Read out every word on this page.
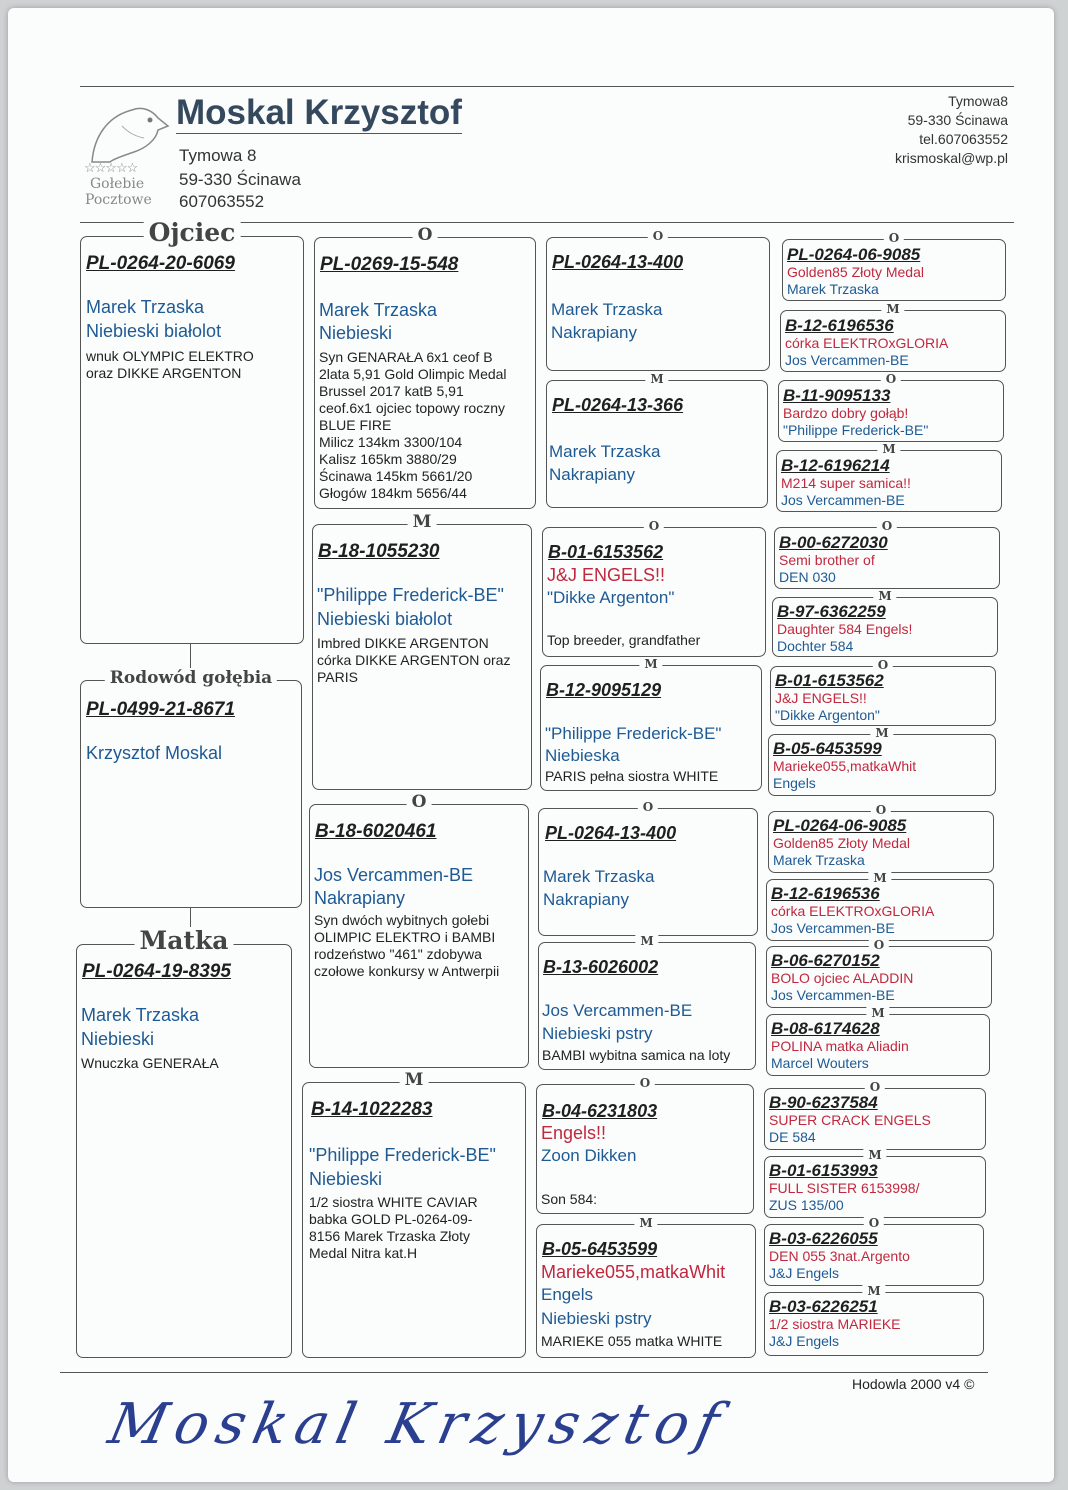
☆☆☆☆☆
Gołebie
Pocztowe
Moskal Krzysztof
Tymowa 8
59-330 Ścinawa
607063552
Tymowa8
59-330 Ścinawa
tel.607063552
krismoskal@wp.pl
Ojciec
PL-0264-20-6069
Marek Trzaska
Niebieski białolot
wnuk OLYMPIC ELEKTRO
oraz DIKKE ARGENTON
Rodowód gołębia
PL-0499-21-8671
Krzysztof Moskal
Matka
PL-0264-19-8395
Marek Trzaska
Niebieski
Wnuczka GENERAŁA
O
PL-0269-15-548
Marek Trzaska
Niebieski
Syn GENARAŁA 6x1 ceof B
2lata 5,91 Gold Olimpic Medal
Brussel 2017 katB 5,91
ceof.6x1 ojciec topowy roczny
BLUE FIRE
Milicz 134km 3300/104
Kalisz 165km 3880/29
Ścinawa 145km 5661/20
Głogów 184km 5656/44
M
B-18-1055230
"Philippe Frederick-BE"
Niebieski białolot
Imbred DIKKE ARGENTON
córka DIKKE ARGENTON oraz
PARIS
O
B-18-6020461
Jos Vercammen-BE
Nakrapiany
Syn dwóch wybitnych gołebi
OLIMPIC ELEKTRO i BAMBI
rodzeństwo "461" zdobywa
czołowe konkursy w Antwerpii
M
B-14-1022283
"Philippe Frederick-BE"
Niebieski
1/2 siostra WHITE CAVIAR
babka GOLD PL-0264-09-
8156 Marek Trzaska Złoty
Medal Nitra kat.H
O
PL-0264-13-400
Marek Trzaska
Nakrapiany
M
PL-0264-13-366
Marek Trzaska
Nakrapiany
O
B-01-6153562
J&J ENGELS!!
"Dikke Argenton"
Top breeder, grandfather
M
B-12-9095129
"Philippe Frederick-BE"
Niebieska
PARIS pełna siostra WHITE
O
PL-0264-13-400
Marek Trzaska
Nakrapiany
M
B-13-6026002
Jos Vercammen-BE
Niebieski pstry
BAMBI wybitna samica na loty
O
B-04-6231803
Engels!!
Zoon Dikken
Son 584:
M
B-05-6453599
Marieke055,matkaWhit
Engels
Niebieski pstry
MARIEKE 055 matka WHITE
O
PL-0264-06-9085
Golden85 Złoty Medal
Marek Trzaska
M
B-12-6196536
córka ELEKTROxGLORIA
Jos Vercammen-BE
O
B-11-9095133
Bardzo dobry gołąb!
"Philippe Frederick-BE"
M
B-12-6196214
M214 super samica!!
Jos Vercammen-BE
O
B-00-6272030
Semi brother of
DEN 030
M
B-97-6362259
Daughter 584 Engels!
Dochter 584
O
B-01-6153562
J&J ENGELS!!
"Dikke Argenton"
M
B-05-6453599
Marieke055,matkaWhit
Engels
O
PL-0264-06-9085
Golden85 Złoty Medal
Marek Trzaska
M
B-12-6196536
córka ELEKTROxGLORIA
Jos Vercammen-BE
O
B-06-6270152
BOLO ojciec ALADDIN
Jos Vercammen-BE
M
B-08-6174628
POLINA matka Aliadin
Marcel Wouters
O
B-90-6237584
SUPER CRACK ENGELS
DE 584
M
B-01-6153993
FULL SISTER 6153998/
ZUS 135/00
O
B-03-6226055
DEN 055 3nat.Argento
J&J Engels
M
B-03-6226251
1/2 siostra MARIEKE
J&J Engels
Hodowla 2000 v4 ©
Moskal Krzysztof
